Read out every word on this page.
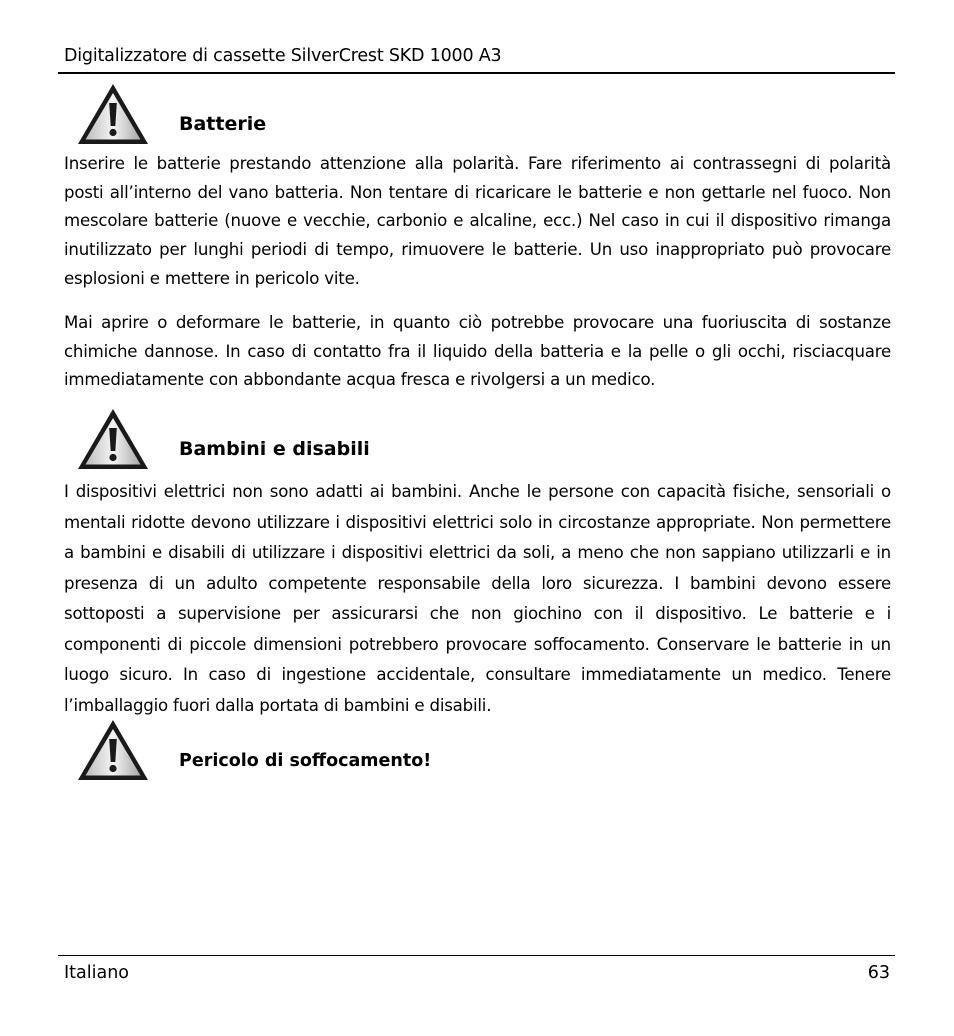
Digitalizzatore di cassette SilverCrest SKD 1000 A3
Batterie

Inserire le batterie prestando attenzione alla polarità. Fare riferimento ai contrassegni di polarità posti all’interno del vano batteria. Non tentare di ricaricare le batterie e non gettarle nel fuoco. Non mescolare batterie (nuove e vecchie, carbonio e alcaline, ecc.) Nel caso in cui il dispositivo rimanga inutilizzato per lunghi periodi di tempo, rimuovere le batterie. Un uso inappropriato può provocare esplosioni e mettere in pericolo vite.

Mai aprire o deformare le batterie, in quanto ciò potrebbe provocare una fuoriuscita di sostanze chimiche dannose. In caso di contatto fra il liquido della batteria e la pelle o gli occhi, risciacquare immediatamente con abbondante acqua fresca e rivolgersi a un medico.

Bambini e disabili

I dispositivi elettrici non sono adatti ai bambini. Anche le persone con capacità fisiche, sensoriali o mentali ridotte devono utilizzare i dispositivi elettrici solo in circostanze appropriate. Non permettere a bambini e disabili di utilizzare i dispositivi elettrici da soli, a meno che non sappiano utilizzarli e in presenza di un adulto competente responsabile della loro sicurezza. I bambini devono essere sottoposti a supervisione per assicurarsi che non giochino con il dispositivo. Le batterie e i componenti di piccole dimensioni potrebbero provocare soffocamento. Conservare le batterie in un luogo sicuro. In caso di ingestione accidentale, consultare immediatamente un medico. Tenere l’imballaggio fuori dalla portata di bambini e disabili.

Pericolo di soffocamento!
Italiano	63
